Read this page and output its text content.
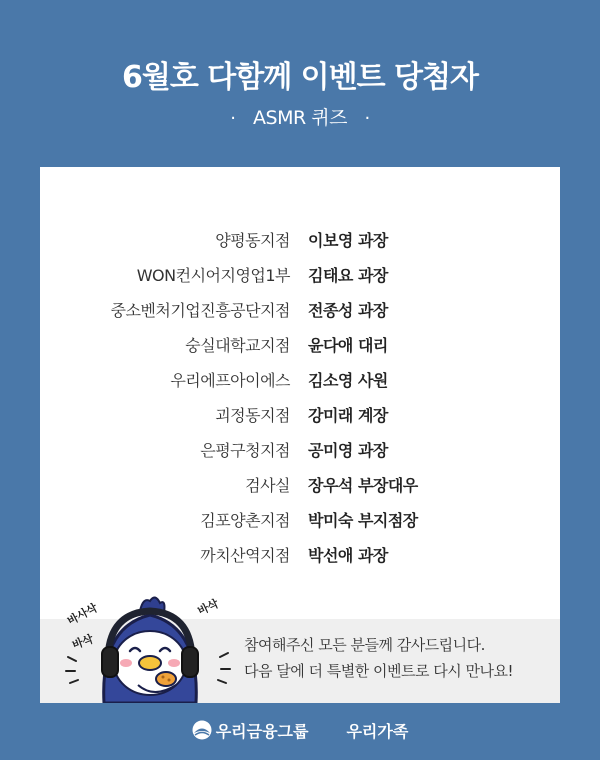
6월호 다함께 이벤트 당첨자
· ASMR 퀴즈 ·
양평동지점	이보영 과장
WON컨시어지영업1부	김태요 과장
중소벤처기업진흥공단지점	전종성 과장
숭실대학교지점	윤다애 대리
우리에프아이에스	김소영 사원
괴정동지점	강미래 계장
은평구청지점	공미영 과장
검사실	장우석 부장대우
김포양촌지점	박미숙 부지점장
까치산역지점	박선애 과장
바사삭
바삭
바삭
참여해주신 모든 분들께 감사드립니다.
다음 달에 더 특별한 이벤트로 다시 만나요!
우리금융그룹 우리가족
